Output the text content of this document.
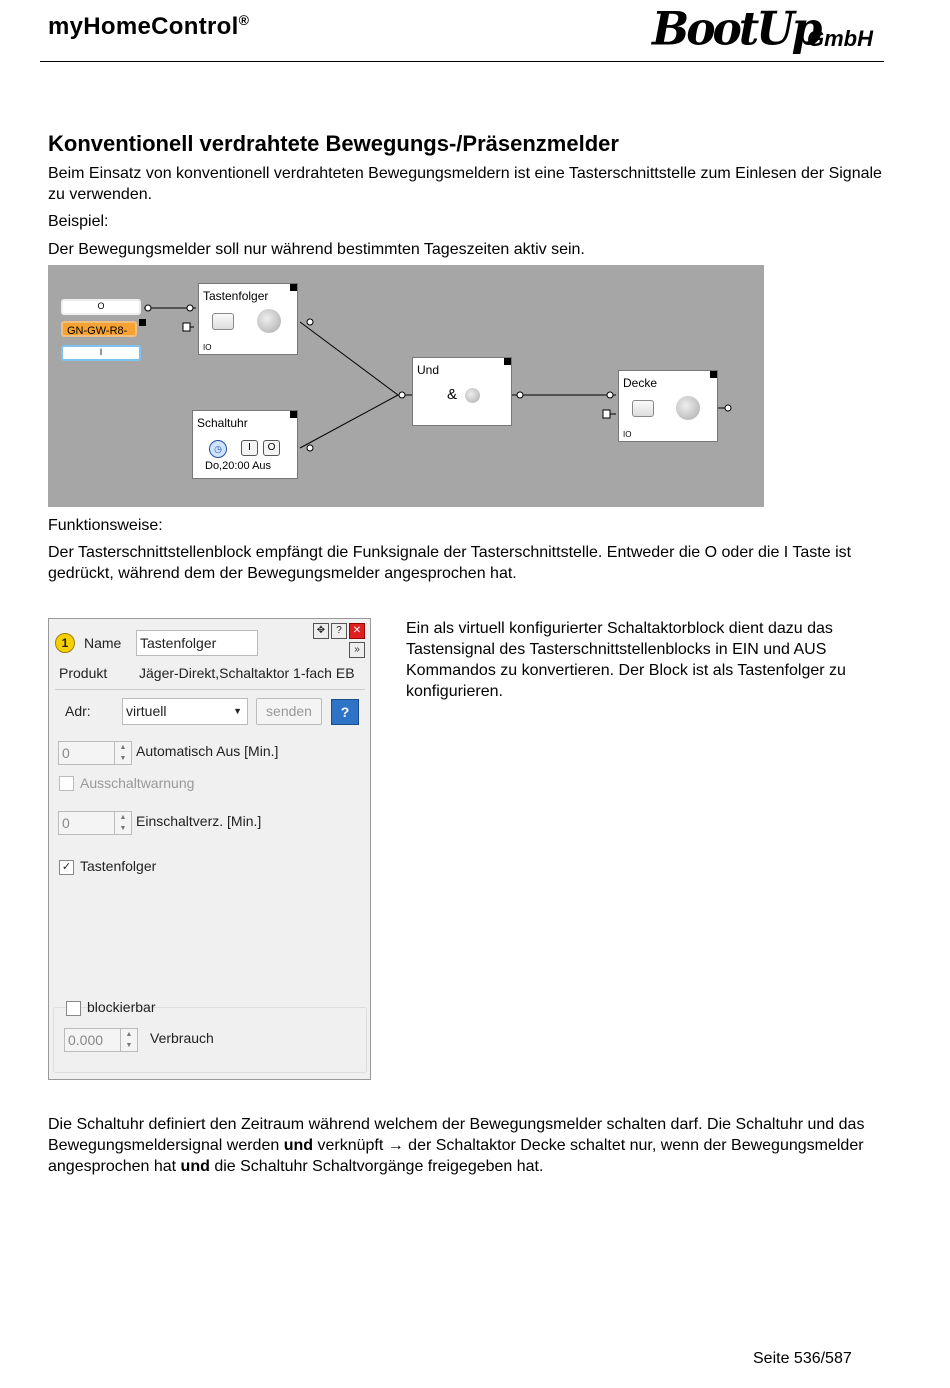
myHomeControl®	BootUp
GmbH
Konventionell verdrahtete Bewegungs-/Präsenzmelder
Beim Einsatz von konventionell verdrahteten Bewegungsmeldern ist eine Tasterschnittstelle zum Einlesen der Signale zu verwenden.
Beispiel:
Der Bewegungsmelder soll nur während bestimmten Tageszeiten aktiv sein.
O
GN-GW-R8-
I
Tastenfolger
IO
Schaltuhr
◷	I	O
Do,20:00 Aus
Und
&
Decke
IO
Funktionsweise:
Der Tasterschnittstellenblock empfängt die Funksignale der Tasterschnittstelle. Entweder die O oder die I Taste ist gedrückt, während dem der Bewegungsmelder angesprochen hat.
1	Name Tastenfolger
✥	?	✕
»
Produkt Jäger-Direkt,Schaltaktor 1-fach EB
Adr:	virtuell	▼	senden	?
0	▲
▼ Automatisch Aus [Min.]
Ausschaltwarnung
0	▲
▼ Einschaltverz. [Min.]
✓ Tastenfolger
blockierbar
0.000	▲
▼	Verbrauch
Ein als virtuell konfigurierter Schaltaktorblock dient dazu das Tastensignal des Tasterschnittstellenblocks in EIN und AUS Kommandos zu konvertieren. Der Block ist als Tastenfolger zu konfigurieren.
Die Schaltuhr definiert den Zeitraum während welchem der Bewegungsmelder schalten darf. Die Schaltuhr und das Bewegungsmeldersignal werden und verknüpft → der Schaltaktor Decke schaltet nur, wenn der Bewegungsmelder angesprochen hat und die Schaltuhr Schaltvorgänge freigegeben hat.
Seite 536/587
